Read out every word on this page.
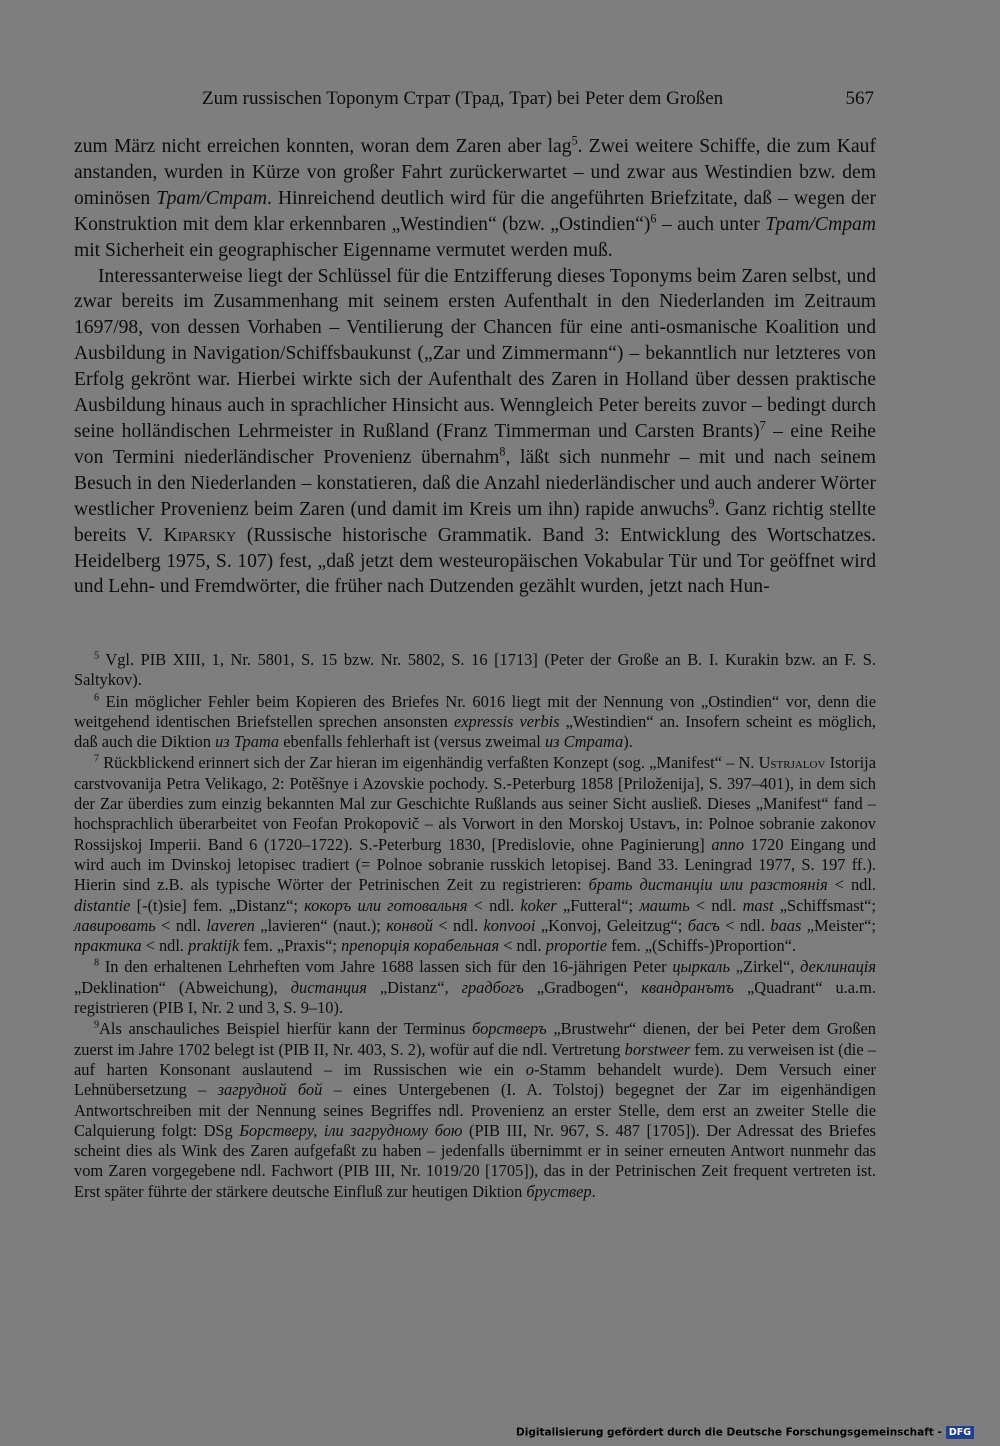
Zum russischen Toponym Страт (Трад, Трат) bei Peter dem Großen	567

zum März nicht erreichen konnten, woran dem Zaren aber lag$^5$. Zwei weitere Schiffe, die zum Kauf anstanden, wurden in Kürze von großer Fahrt zurückerwartet – und zwar aus Westindien bzw. dem ominösen Трат/Страт. Hinreichend deutlich wird für die angeführten Briefzitate, daß – wegen der Konstruktion mit dem klar erkennbaren „Westindien“ (bzw. „Ostindien“)$^6$ – auch unter Трат/Страт mit Sicherheit ein geographischer Eigenname vermutet werden muß.

Interessanterweise liegt der Schlüssel für die Entzifferung dieses Toponyms beim Zaren selbst, und zwar bereits im Zusammenhang mit seinem ersten Aufenthalt in den Niederlanden im Zeitraum 1697/98, von dessen Vorhaben – Ventilierung der Chancen für eine anti-osmanische Koalition und Ausbildung in Navigation/Schiffsbaukunst („Zar und Zimmermann“) – bekanntlich nur letzteres von Erfolg gekrönt war. Hierbei wirkte sich der Aufenthalt des Zaren in Holland über dessen praktische Ausbildung hinaus auch in sprachlicher Hinsicht aus. Wenngleich Peter bereits zuvor – bedingt durch seine holländischen Lehrmeister in Rußland (Franz Timmerman und Carsten Brants)$^7$ – eine Reihe von Termini niederländischer Provenienz übernahm$^8$, läßt sich nunmehr – mit und nach seinem Besuch in den Niederlanden – konstatieren, daß die Anzahl niederländischer und auch anderer Wörter westlicher Provenienz beim Zaren (und damit im Kreis um ihn) rapide anwuchs$^9$. Ganz richtig stellte bereits V. Kiparsky (Russische historische Grammatik. Band 3: Entwicklung des Wortschatzes. Heidelberg 1975, S. 107) fest, „daß jetzt dem westeuropäischen Vokabular Tür und Tor geöffnet wird und Lehn- und Fremdwörter, die früher nach Dutzenden gezählt wurden, jetzt nach Hun-

$^5$ Vgl. PIB XIII, 1, Nr. 5801, S. 15 bzw. Nr. 5802, S. 16 [1713] (Peter der Große an B. I. Kurakin bzw. an F. S. Saltykov).

$^6$ Ein möglicher Fehler beim Kopieren des Briefes Nr. 6016 liegt mit der Nennung von „Ostindien“ vor, denn die weitgehend identischen Briefstellen sprechen ansonsten expressis verbis „Westindien“ an. Insofern scheint es möglich, daß auch die Diktion из Трата ebenfalls fehlerhaft ist (versus zweimal из Страта).

$^7$ Rückblickend erinnert sich der Zar hieran im eigenhändig verfaßten Konzept (sog. „Manifest“ – N. Ustrjalov Istorija carstvovanija Petra Velikago, 2: Potěšnye i Azovskie pochody. S.-Peterburg 1858 [Priloženija], S. 397–401), in dem sich der Zar überdies zum einzig bekannten Mal zur Geschichte Rußlands aus seiner Sicht ausließ. Dieses „Manifest“ fand – hochsprachlich überarbeitet von Feofan Prokopovič – als Vorwort in den Morskoj Ustavъ, in: Polnoe sobranie zakonov Rossijskoj Imperii. Band 6 (1720–1722). S.-Peterburg 1830, [Predislovie, ohne Paginierung] anno 1720 Eingang und wird auch im Dvinskoj letopisec tradiert (= Polnoe sobranie russkich letopisej. Band 33. Leningrad 1977, S. 197 ff.). Hierin sind z.B. als typische Wörter der Petrinischen Zeit zu registrieren: брать дистанціи или разстоянія < ndl. distantie [-(t)sie] fem. „Distanz“; кокоръ или готовальня < ndl. koker „Futteral“; машть < ndl. mast „Schiffsmast“; лавировать < ndl. laveren „lavieren“ (naut.); конвой < ndl. konvooi „Konvoj, Geleitzug“; басъ < ndl. baas „Meister“; практика < ndl. praktijk fem. „Praxis“; препорція корабельная < ndl. proportie fem. „(Schiffs-)Proportion“.

$^8$ In den erhaltenen Lehrheften vom Jahre 1688 lassen sich für den 16-jährigen Peter цыркаль „Zirkel“, деклинація „Deklination“ (Abweichung), дистанция „Distanz“, градбогъ „Gradbogen“, квандранътъ „Quadrant“ u.a.m. registrieren (PIB I, Nr. 2 und 3, S. 9–10).

$^9$Als anschauliches Beispiel hierfür kann der Terminus борстверъ „Brustwehr“ dienen, der bei Peter dem Großen zuerst im Jahre 1702 belegt ist (PIB II, Nr. 403, S. 2), wofür auf die ndl. Vertretung borstweer fem. zu verweisen ist (die – auf harten Konsonant auslautend – im Russischen wie ein o-Stamm behandelt wurde). Dem Versuch einer Lehnübersetzung – загрудной бой – eines Untergebenen (I. A. Tolstoj) begegnet der Zar im eigenhändigen Antwortschreiben mit der Nennung seines Begriffes ndl. Provenienz an erster Stelle, dem erst an zweiter Stelle die Calquierung folgt: DSg Борстверу, іли загрудному бою (PIB III, Nr. 967, S. 487 [1705]). Der Adressat des Briefes scheint dies als Wink des Zaren aufgefaßt zu haben – jedenfalls übernimmt er in seiner erneuten Antwort nunmehr das vom Zaren vorgegebene ndl. Fachwort (PIB III, Nr. 1019/20 [1705]), das in der Petrinischen Zeit frequent vertreten ist. Erst später führte der stärkere deutsche Einfluß zur heutigen Diktion бруствер.

Digitalisierung gefördert durch die Deutsche Forschungsgemeinschaft - DFG
